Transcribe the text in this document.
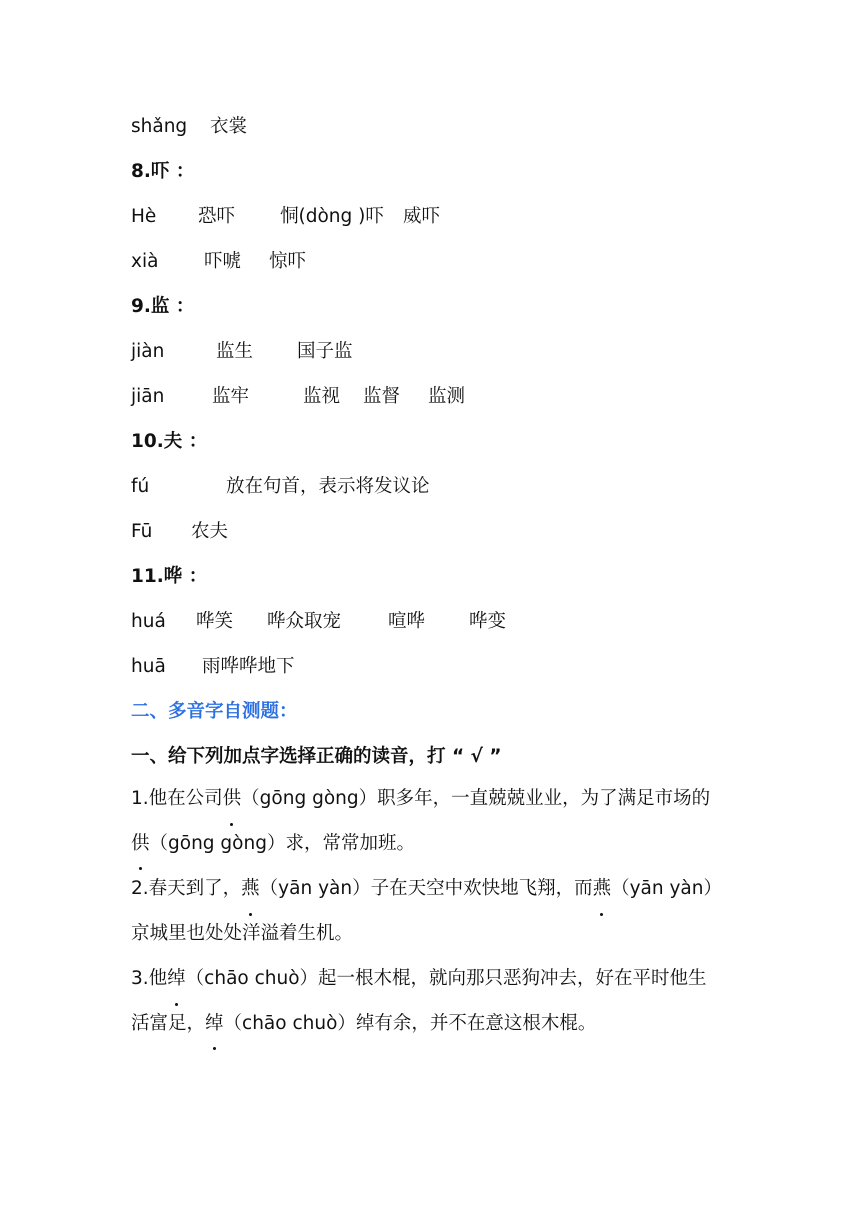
shǎng 衣裳
8.吓 ：
Hè 恐吓 恫(dòng )吓 威吓
xià 吓唬 惊吓
9.监 ：
jiàn	监生 国子监
jiān	监牢	监视 监督 监测
10.夫 ：
fú	放在句首，表示将发议论
Fū 农夫
11.哗 ：
huá 哗笑 哗众取宠	喧哗 哗变
huā 雨哗哗地下
二、多音字自测题：
一、给下列加点字选择正确的读音，打 “ √ ”
1.他在公司供（gōng gòng）职多年，一直兢兢业业，为了满足市场的
供（gōng gòng）求，常常加班。
2.春天到了，燕（yān yàn）子在天空中欢快地飞翔，而燕（yān yàn）
京城里也处处洋溢着生机。
3.他绰（chāo chuò）起一根木棍，就向那只恶狗冲去，好在平时他生
活富足，绰（chāo chuò）绰有余，并不在意这根木棍。
